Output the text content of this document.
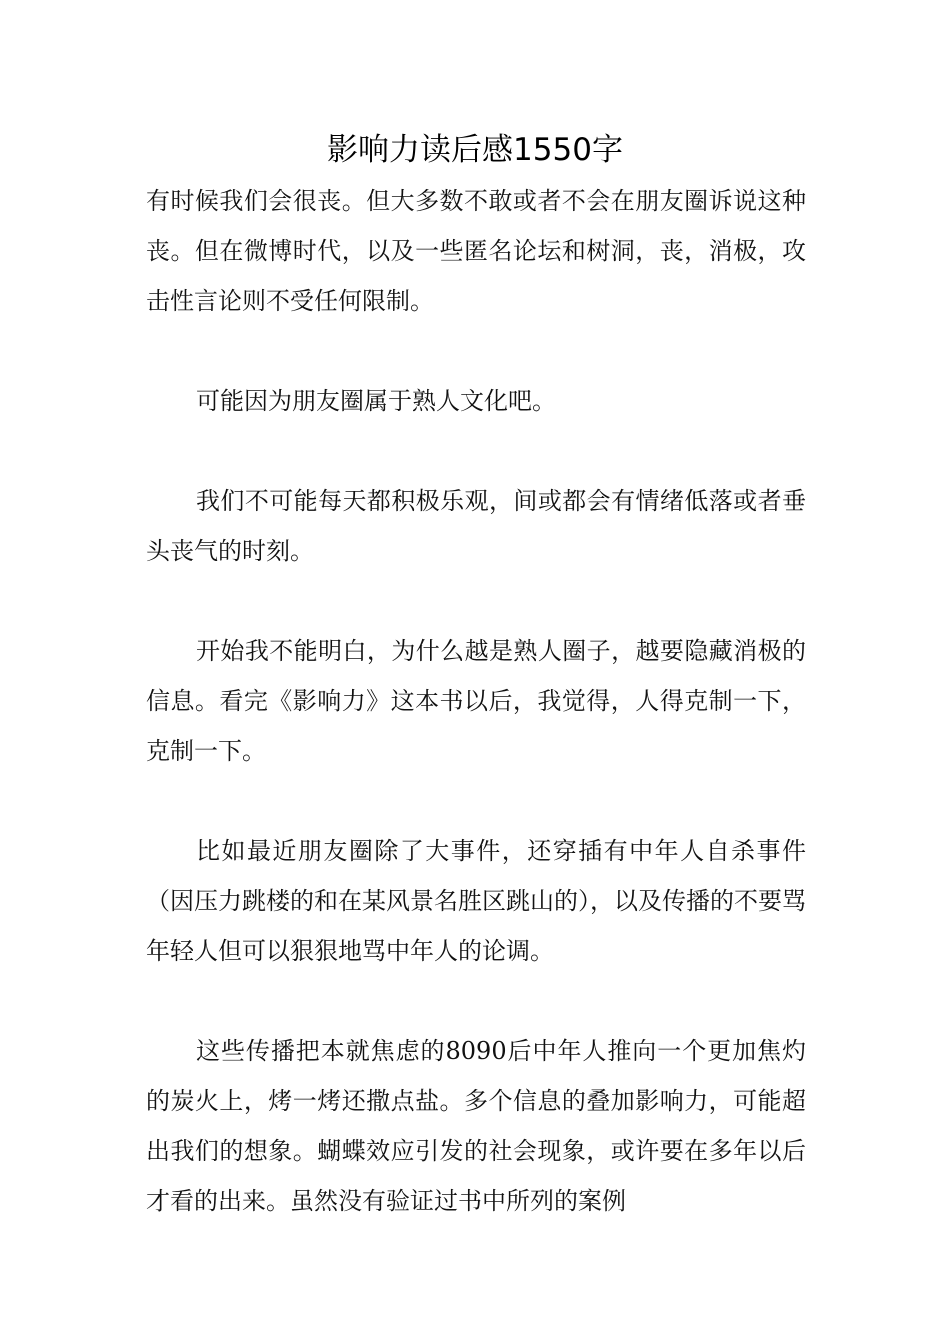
影响力读后感1550字

有时候我们会很丧。但大多数不敢或者不会在朋友圈诉说这种丧。但在微博时代，以及一些匿名论坛和树洞，丧，消极，攻击性言论则不受任何限制。

可能因为朋友圈属于熟人文化吧。

我们不可能每天都积极乐观，间或都会有情绪低落或者垂头丧气的时刻。

开始我不能明白，为什么越是熟人圈子，越要隐藏消极的信息。看完《影响力》这本书以后，我觉得，人得克制一下，克制一下。

比如最近朋友圈除了大事件，还穿插有中年人自杀事件（因压力跳楼的和在某风景名胜区跳山的），以及传播的不要骂年轻人但可以狠狠地骂中年人的论调。

这些传播把本就焦虑的8090后中年人推向一个更加焦灼的炭火上，烤一烤还撒点盐。多个信息的叠加影响力，可能超出我们的想象。蝴蝶效应引发的社会现象，或许要在多年以后才看的出来。虽然没有验证过书中所列的案例
